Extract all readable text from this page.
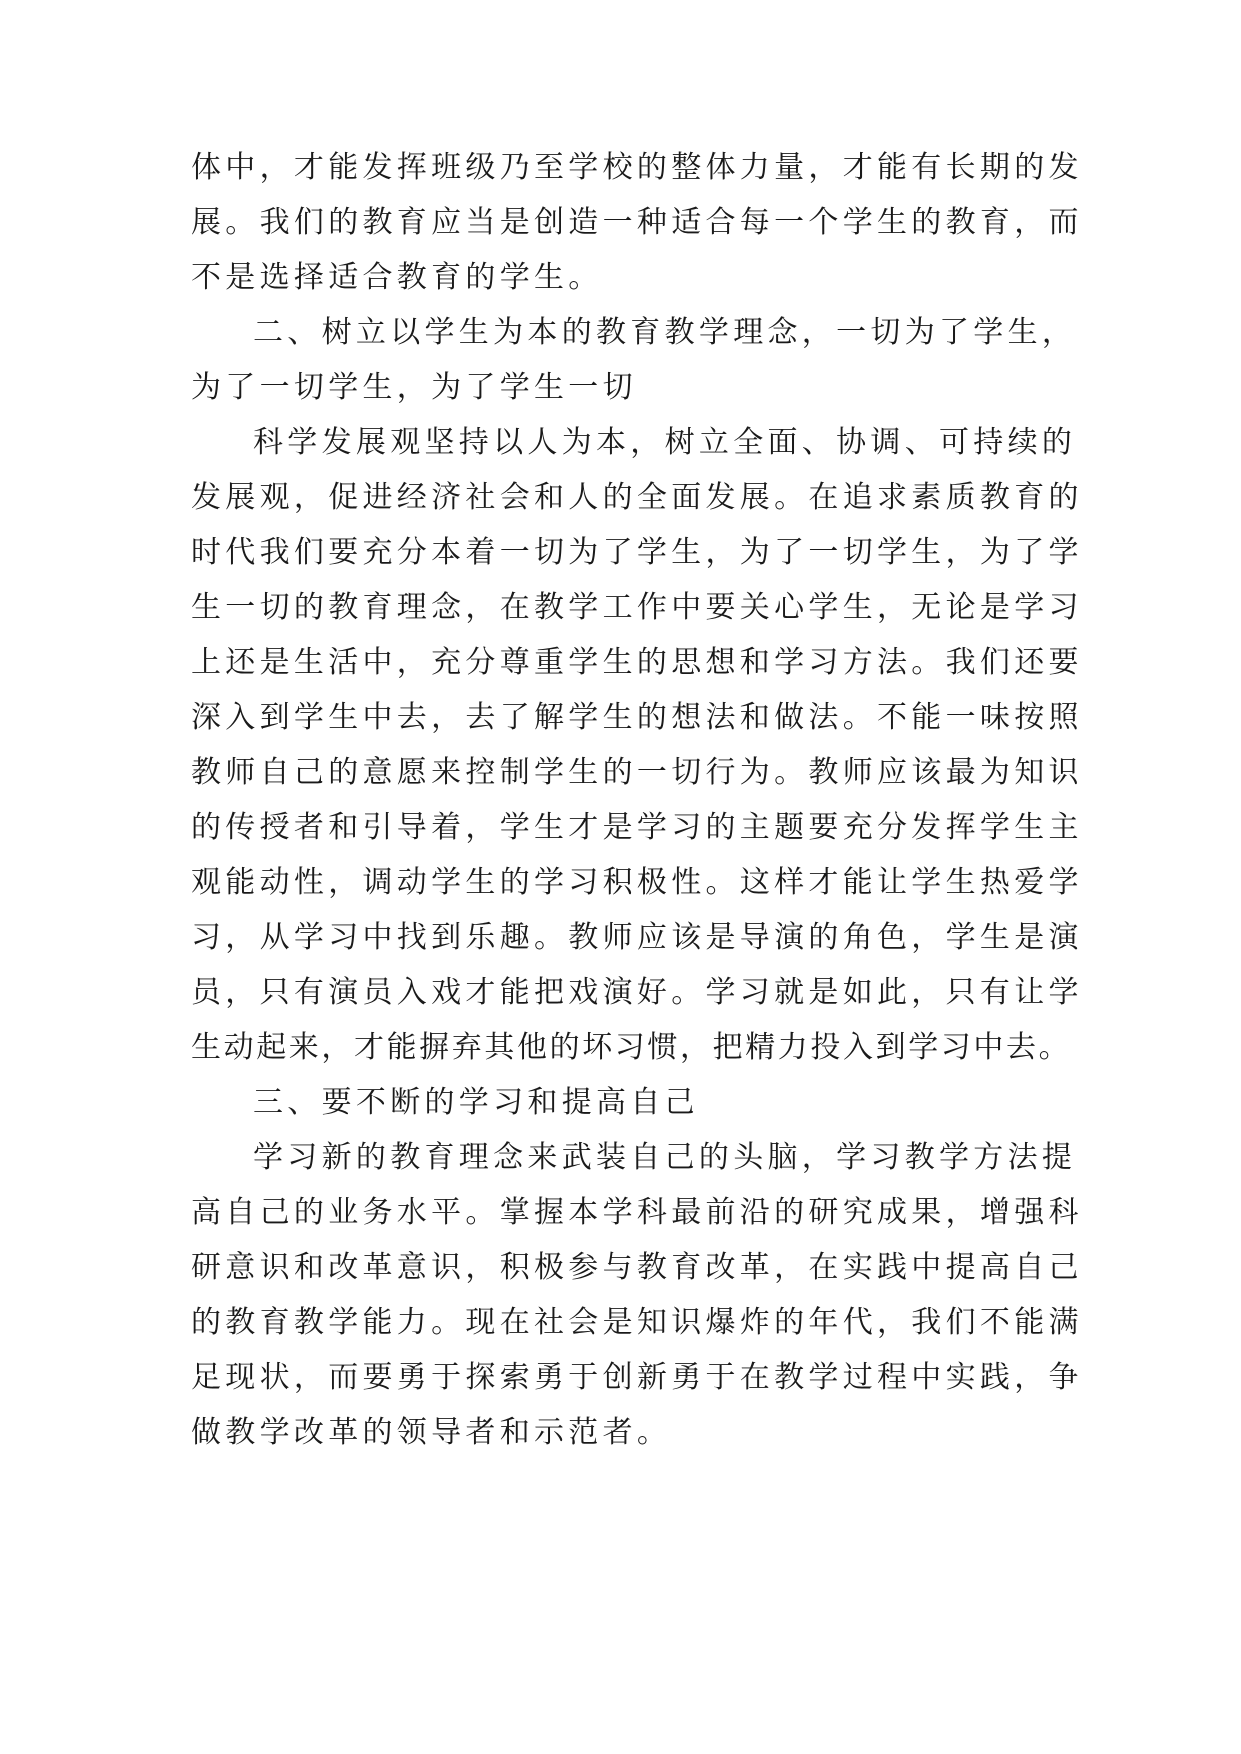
体中，才能发挥班级乃至学校的整体力量，才能有长期的发
展。我们的教育应当是创造一种适合每一个学生的教育，而
不是选择适合教育的学生。
二、树立以学生为本的教育教学理念，一切为了学生，
为了一切学生，为了学生一切
科学发展观坚持以人为本，树立全面、协调、可持续的
发展观，促进经济社会和人的全面发展。在追求素质教育的
时代我们要充分本着一切为了学生，为了一切学生，为了学
生一切的教育理念，在教学工作中要关心学生，无论是学习
上还是生活中，充分尊重学生的思想和学习方法。我们还要
深入到学生中去，去了解学生的想法和做法。不能一味按照
教师自己的意愿来控制学生的一切行为。教师应该最为知识
的传授者和引导着，学生才是学习的主题要充分发挥学生主
观能动性，调动学生的学习积极性。这样才能让学生热爱学
习，从学习中找到乐趣。教师应该是导演的角色，学生是演
员，只有演员入戏才能把戏演好。学习就是如此，只有让学
生动起来，才能摒弃其他的坏习惯，把精力投入到学习中去。
三、要不断的学习和提高自己
学习新的教育理念来武装自己的头脑，学习教学方法提
高自己的业务水平。掌握本学科最前沿的研究成果，增强科
研意识和改革意识，积极参与教育改革，在实践中提高自己
的教育教学能力。现在社会是知识爆炸的年代，我们不能满
足现状，而要勇于探索勇于创新勇于在教学过程中实践，争
做教学改革的领导者和示范者。
